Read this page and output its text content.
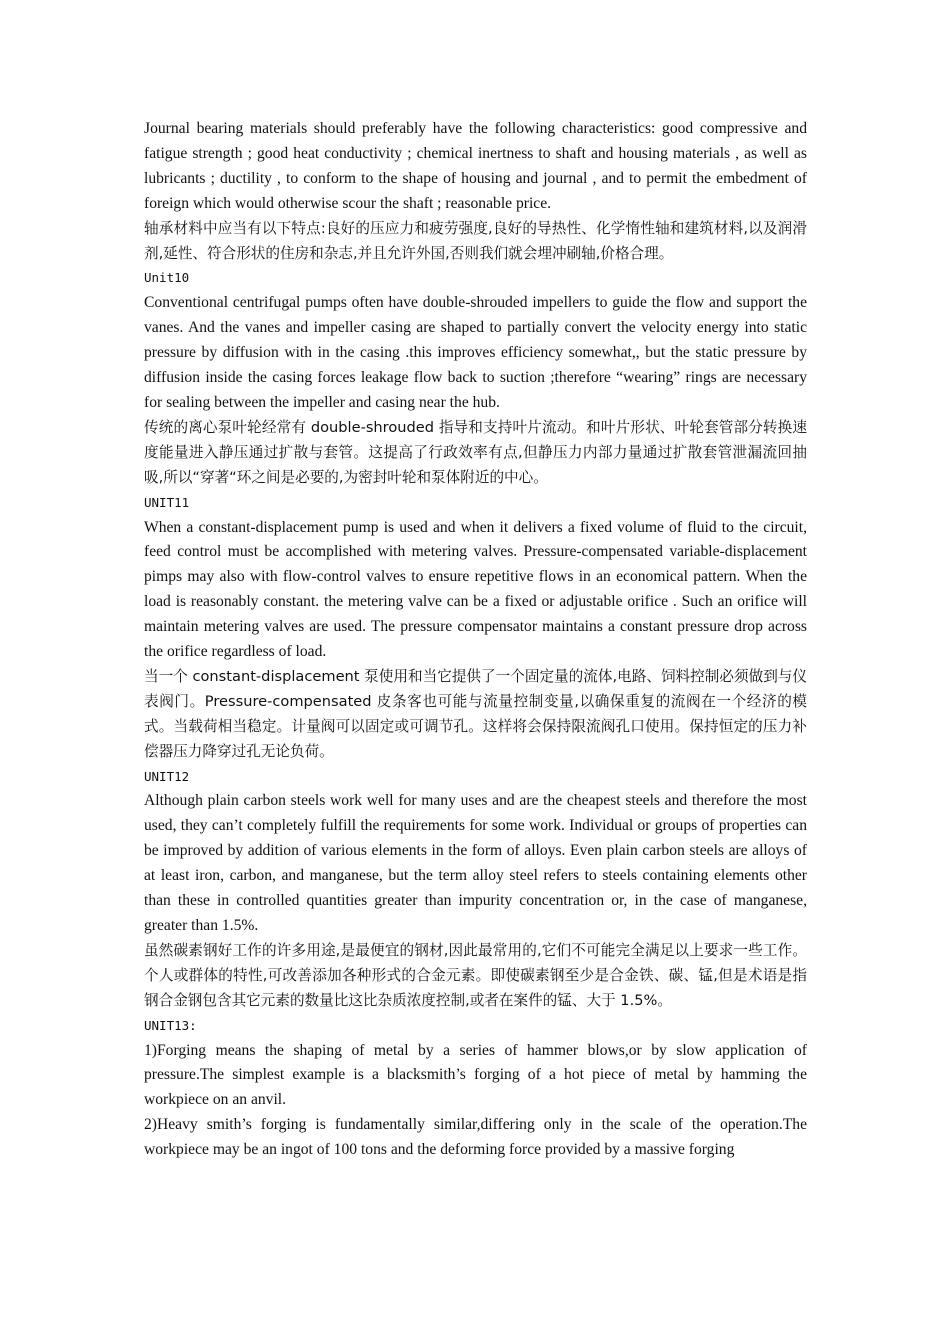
Journal bearing materials should preferably have the following characteristics: good compressive and fatigue strength ; good heat conductivity ; chemical inertness to shaft and housing materials , as well as lubricants ; ductility , to conform to the shape of housing and journal , and to permit the embedment of foreign which would otherwise scour the shaft ; reasonable price.

轴承材料中应当有以下特点:良好的压应力和疲劳强度,良好的导热性、化学惰性轴和建筑材料,以及润滑剂,延性、符合形状的住房和杂志,并且允许外国,否则我们就会埋冲刷轴,价格合理。

Unit10

Conventional centrifugal pumps often have double-shrouded impellers to guide the flow and support the vanes. And the vanes and impeller casing are shaped to partially convert the velocity energy into static pressure by diffusion with in the casing .this improves efficiency somewhat,, but the static pressure by diffusion inside the casing forces leakage flow back to suction ;therefore “wearing” rings are necessary for sealing between the impeller and casing near the hub.

传统的离心泵叶轮经常有 double-shrouded 指导和支持叶片流动。和叶片形状、叶轮套管部分转换速度能量进入静压通过扩散与套管。这提高了行政效率有点,但静压力内部力量通过扩散套管泄漏流回抽吸,所以“穿著“环之间是必要的,为密封叶轮和泵体附近的中心。

UNIT11

When a constant-displacement pump is used and when it delivers a fixed volume of fluid to the circuit, feed control must be accomplished with metering valves. Pressure-compensated variable-displacement pimps may also with flow-control valves to ensure repetitive flows in an economical pattern. When the load is reasonably constant. the metering valve can be a fixed or adjustable orifice . Such an orifice will maintain metering valves are used. The pressure compensator maintains a constant pressure drop across the orifice regardless of load.

当一个 constant-displacement 泵使用和当它提供了一个固定量的流体,电路、饲料控制必须做到与仪表阀门。Pressure-compensated 皮条客也可能与流量控制变量,以确保重复的流阀在一个经济的模式。当载荷相当稳定。计量阀可以固定或可调节孔。这样将会保持限流阀孔口使用。保持恒定的压力补偿器压力降穿过孔无论负荷。

UNIT12

Although plain carbon steels work well for many uses and are the cheapest steels and therefore the most used, they can’t completely fulfill the requirements for some work. Individual or groups of properties can be improved by addition of various elements in the form of alloys. Even plain carbon steels are alloys of at least iron, carbon, and manganese, but the term alloy steel refers to steels containing elements other than these in controlled quantities greater than impurity concentration or, in the case of manganese, greater than 1.5%.

虽然碳素钢好工作的许多用途,是最便宜的钢材,因此最常用的,它们不可能完全满足以上要求一些工作。个人或群体的特性,可改善添加各种形式的合金元素。即使碳素钢至少是合金铁、碳、锰,但是术语是指钢合金钢包含其它元素的数量比这比杂质浓度控制,或者在案件的锰、大于 1.5%。

UNIT13:

1)Forging means the shaping of metal by a series of hammer blows,or by slow application of pressure.The simplest example is a blacksmith’s forging of a hot piece of metal by hamming the workpiece on an anvil.

2)Heavy smith’s forging is fundamentally similar,differing only in the scale of the operation.The workpiece may be an ingot of 100 tons and the deforming force provided by a massive forging
